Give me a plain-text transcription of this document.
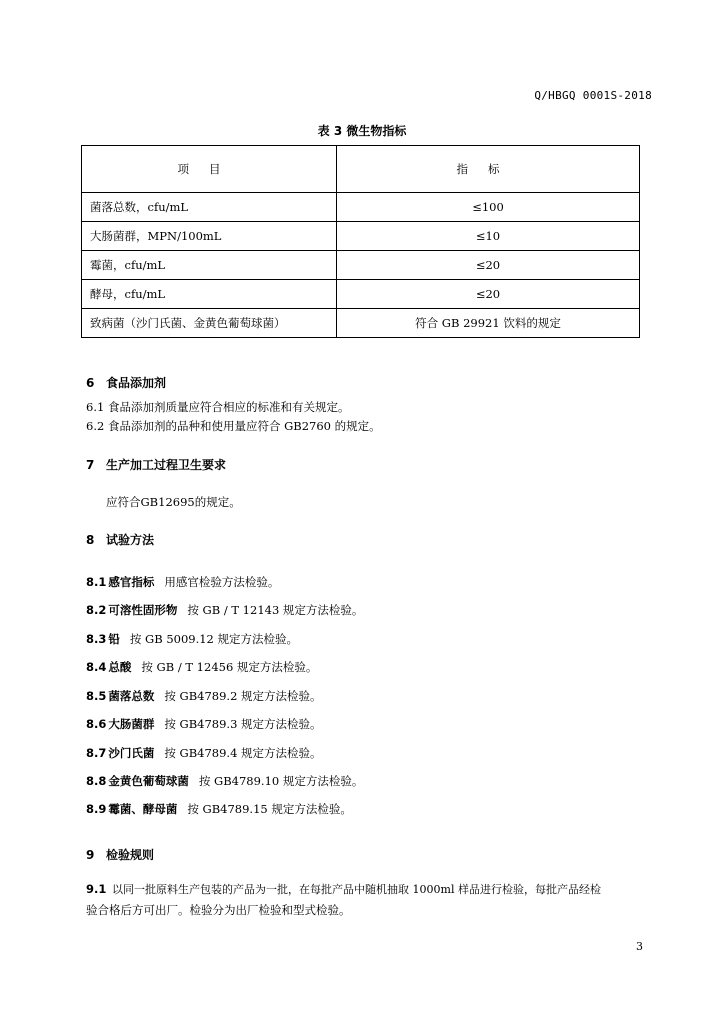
Q/HBGQ 0001S-2018
表 3 微生物指标
项目	指标
菌落总数，cfu/mL	≤100
大肠菌群，MPN/100mL	≤10
霉菌，cfu/mL	≤20
酵母，cfu/mL	≤20
致病菌（沙门氏菌、金黄色葡萄球菌）	符合 GB 29921 饮料的规定
6 食品添加剂
6.1 食品添加剂质量应符合相应的标准和有关规定。
6.2 食品添加剂的品种和使用量应符合 GB2760 的规定。
7 生产加工过程卫生要求
应符合GB12695的规定。
8 试验方法
8.1 感官指标 用感官检验方法检验。
8.2 可溶性固形物 按 GB / T 12143 规定方法检验。
8.3 铅 按 GB 5009.12 规定方法检验。
8.4 总酸 按 GB / T 12456 规定方法检验。
8.5 菌落总数 按 GB4789.2 规定方法检验。
8.6 大肠菌群 按 GB4789.3 规定方法检验。
8.7 沙门氏菌 按 GB4789.4 规定方法检验。
8.8 金黄色葡萄球菌 按 GB4789.10 规定方法检验。
8.9 霉菌、酵母菌 按 GB4789.15 规定方法检验。
9 检验规则
9.1 以同一批原料生产包装的产品为一批，在每批产品中随机抽取 1000ml 样品进行检验，每批产品经检
验合格后方可出厂。检验分为出厂检验和型式检验。
3
